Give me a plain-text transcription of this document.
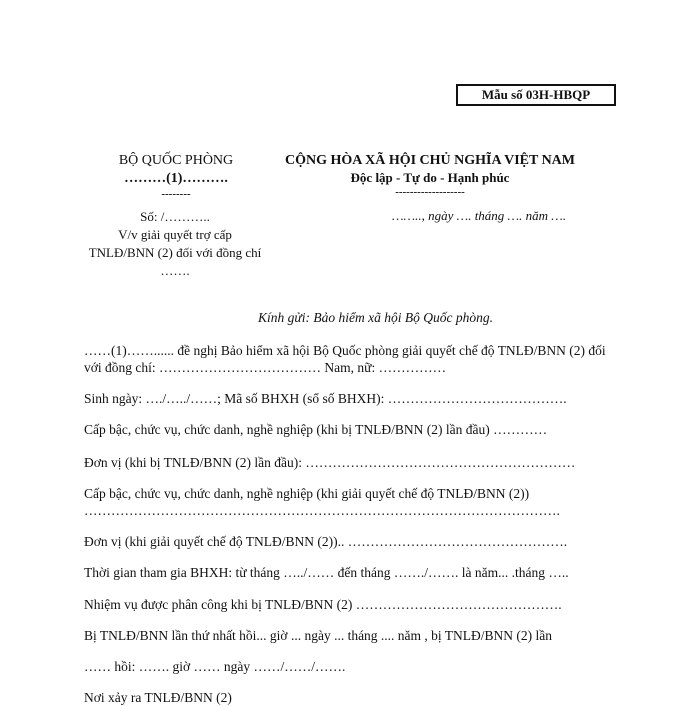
Mẫu số 03H-HBQP
BỘ QUỐC PHÒNG
………(1)……….
--------
CỘNG HÒA XÃ HỘI CHỦ NGHĨA VIỆT NAM
Độc lập - Tự do - Hạnh phúc
-------------------
Số: /………..
V/v giải quyết trợ cấp
TNLĐ/BNN (2) đối với đồng chí
…….
…….., ngày …. tháng …. năm ….
Kính gửi: Bảo hiểm xã hội Bộ Quốc phòng.
……(1)……...... đề nghị Bảo hiểm xã hội Bộ Quốc phòng giải quyết chế độ TNLĐ/BNN (2) đối
với đồng chí: ……………………………… Nam, nữ: ……………
Sinh ngày: …./…../……; Mã số BHXH (sổ số BHXH): ………………………………….
Cấp bậc, chức vụ, chức danh, nghề nghiệp (khi bị TNLĐ/BNN (2) lần đầu) …………
Đơn vị (khi bị TNLĐ/BNN (2) lần đầu): ……………………………………………………
Cấp bậc, chức vụ, chức danh, nghề nghiệp (khi giải quyết chế độ TNLĐ/BNN (2))
…………………………………………………………………………………………….
Đơn vị (khi giải quyết chế độ TNLĐ/BNN (2)).. ………………………………………….
Thời gian tham gia BHXH: từ tháng …../…… đến tháng ……./……. là năm... .tháng …..
Nhiệm vụ được phân công khi bị TNLĐ/BNN (2) ……………………………………….
Bị TNLĐ/BNN lần thứ nhất hồi... giờ ... ngày ... tháng .... năm , bị TNLĐ/BNN (2) lần
…… hồi: ……. giờ …… ngày ……/……/…….
Nơi xảy ra TNLĐ/BNN (2)
